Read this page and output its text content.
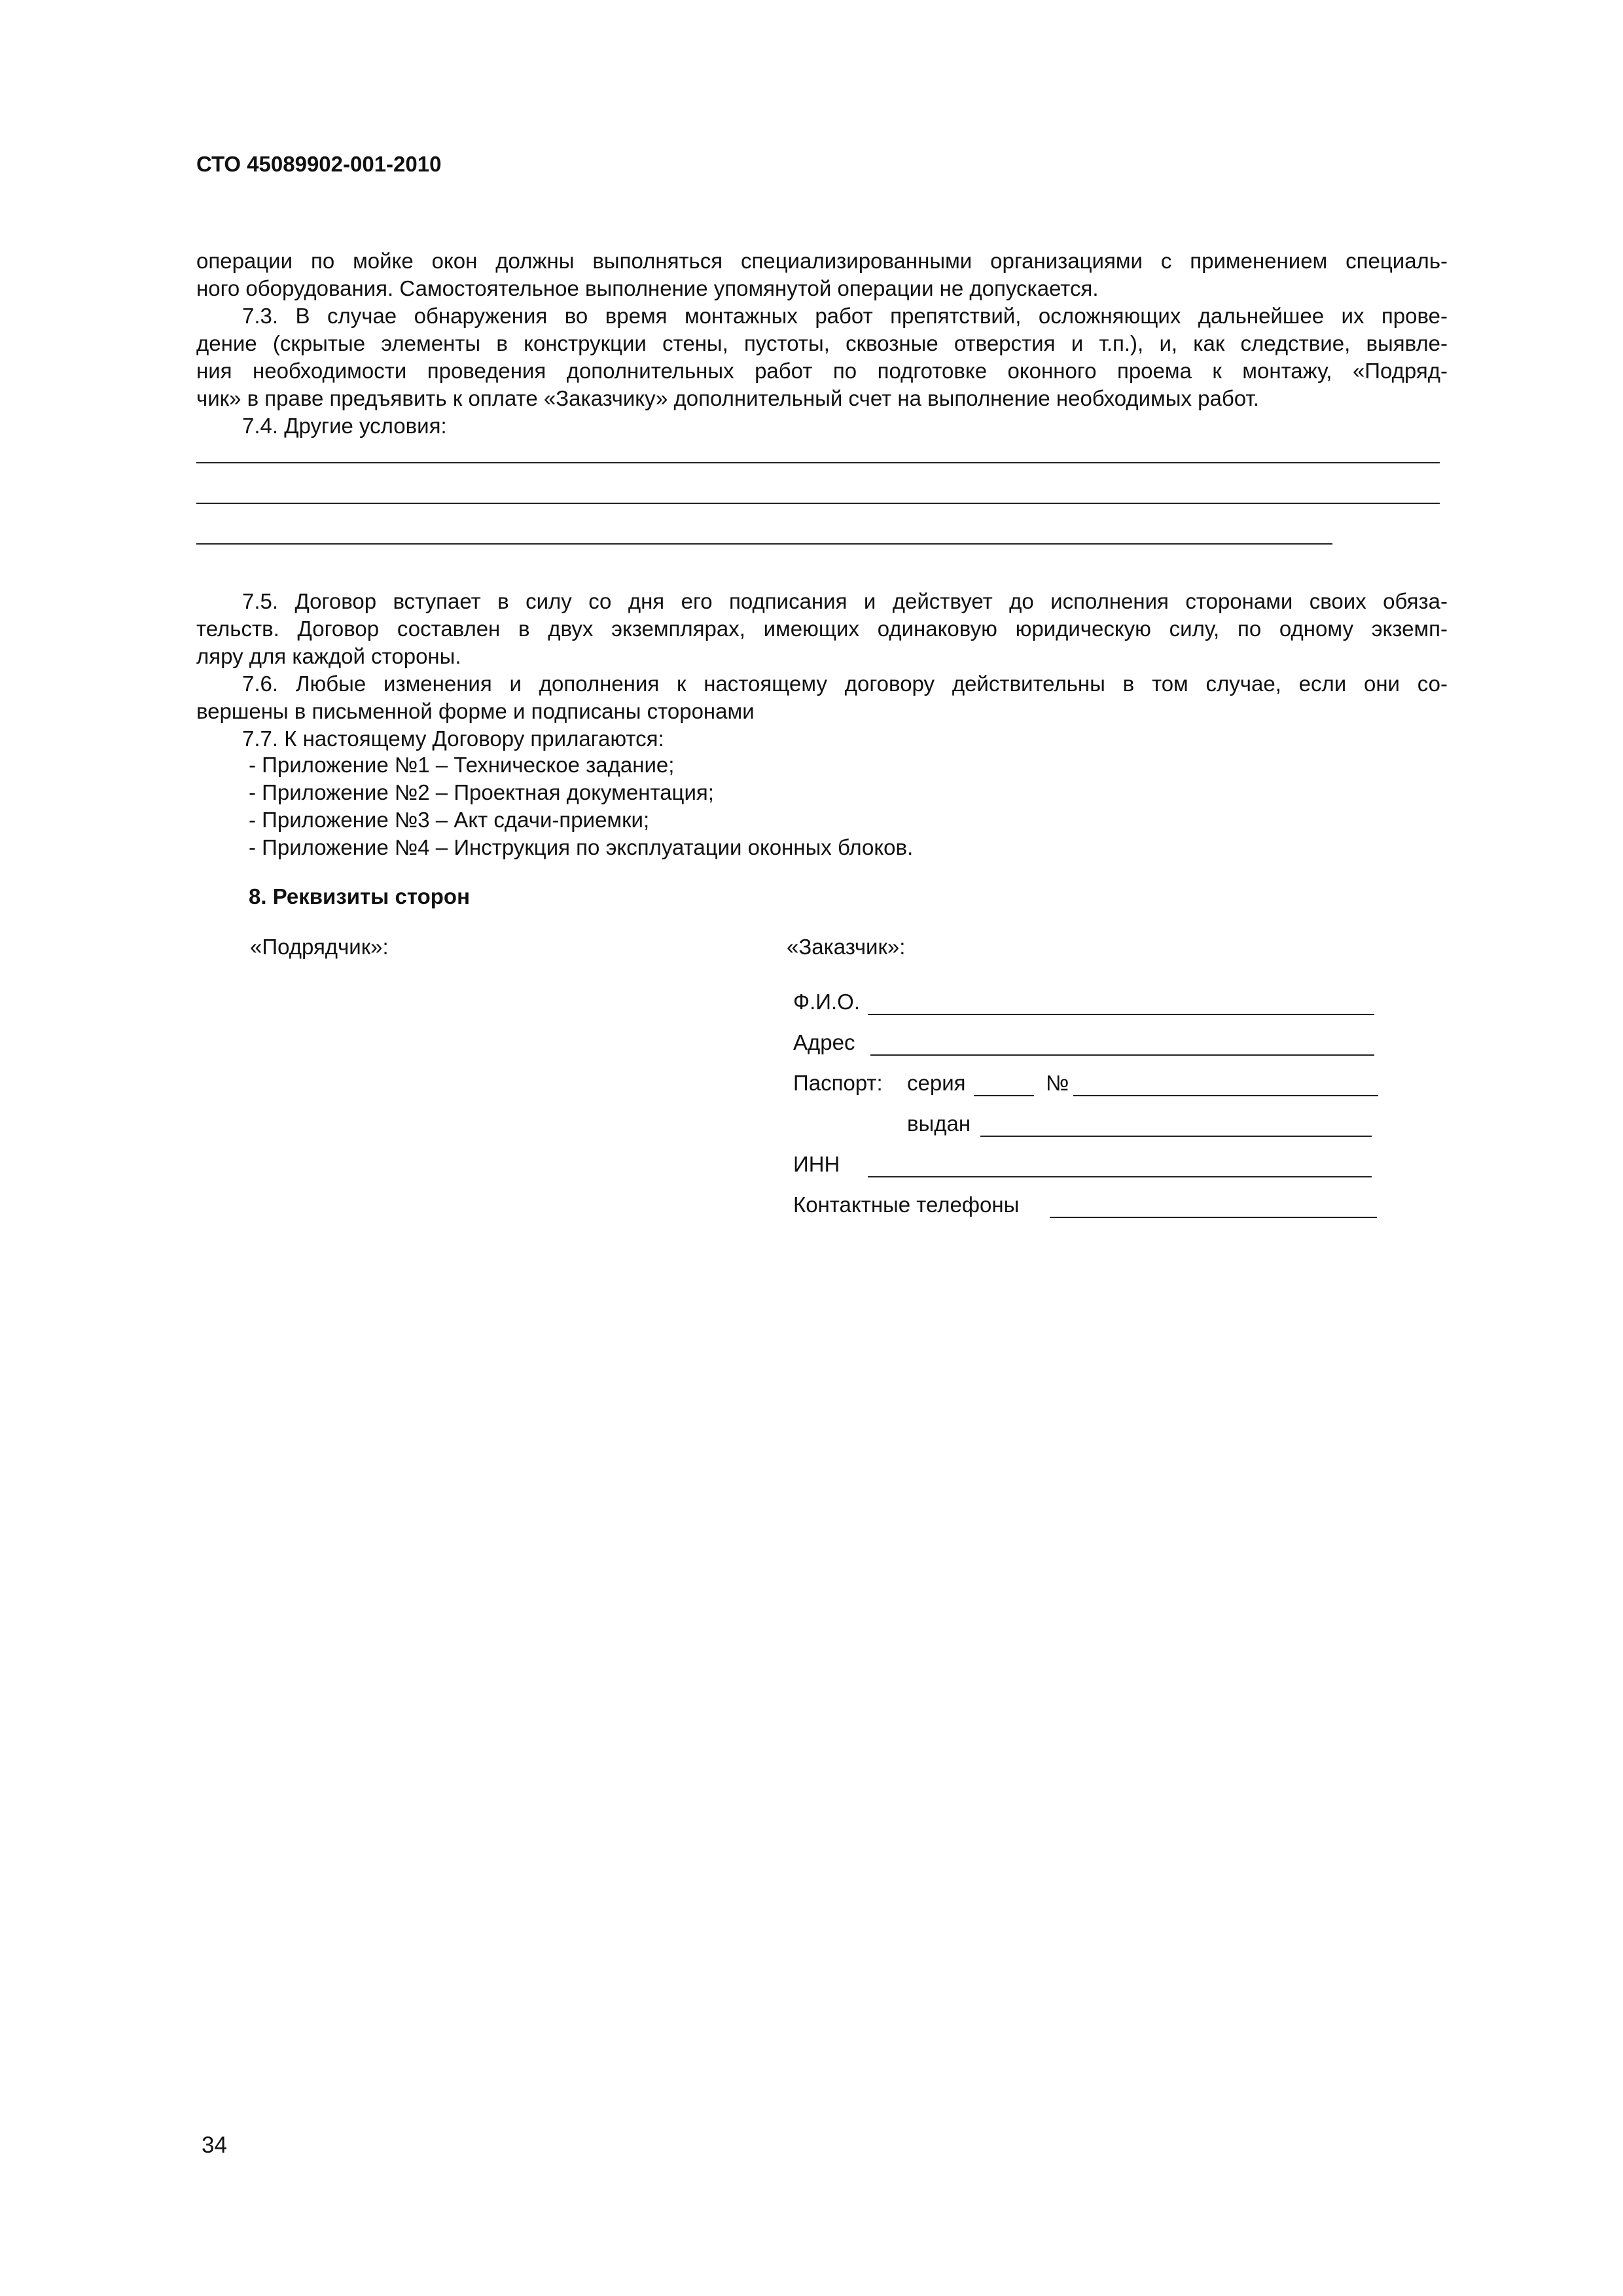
СТО 45089902-001-2010
операции по мойке окон должны выполняться специализированными организациями с применением специаль-
ного оборудования. Самостоятельное выполнение упомянутой операции не допускается.
7.3. В случае обнаружения во время монтажных работ препятствий, осложняющих дальнейшее их прове-
дение (скрытые элементы в конструкции стены, пустоты, сквозные отверстия и т.п.), и, как следствие, выявле-
ния необходимости проведения дополнительных работ по подготовке оконного проема к монтажу, «Подряд-
чик» в праве предъявить к оплате «Заказчику» дополнительный счет на выполнение необходимых работ.
7.4. Другие условия:
7.5. Договор вступает в силу со дня его подписания и действует до исполнения сторонами своих обяза-
тельств. Договор составлен в двух экземплярах, имеющих одинаковую юридическую силу, по одному экземп-
ляру для каждой стороны.
7.6. Любые изменения и дополнения к настоящему договору действительны в том случае, если они со-
вершены в письменной форме и подписаны сторонами
7.7. К настоящему Договору прилагаются:
- Приложение №1 – Техническое задание;
- Приложение №2 – Проектная документация;
- Приложение №3 – Акт сдачи-приемки;
- Приложение №4 – Инструкция по эксплуатации оконных блоков.
8. Реквизиты сторон
«Подрядчик»:	«Заказчик»:
Ф.И.О.
Адрес
Паспорт: серия	№
выдан
ИНН
Контактные телефоны
34
